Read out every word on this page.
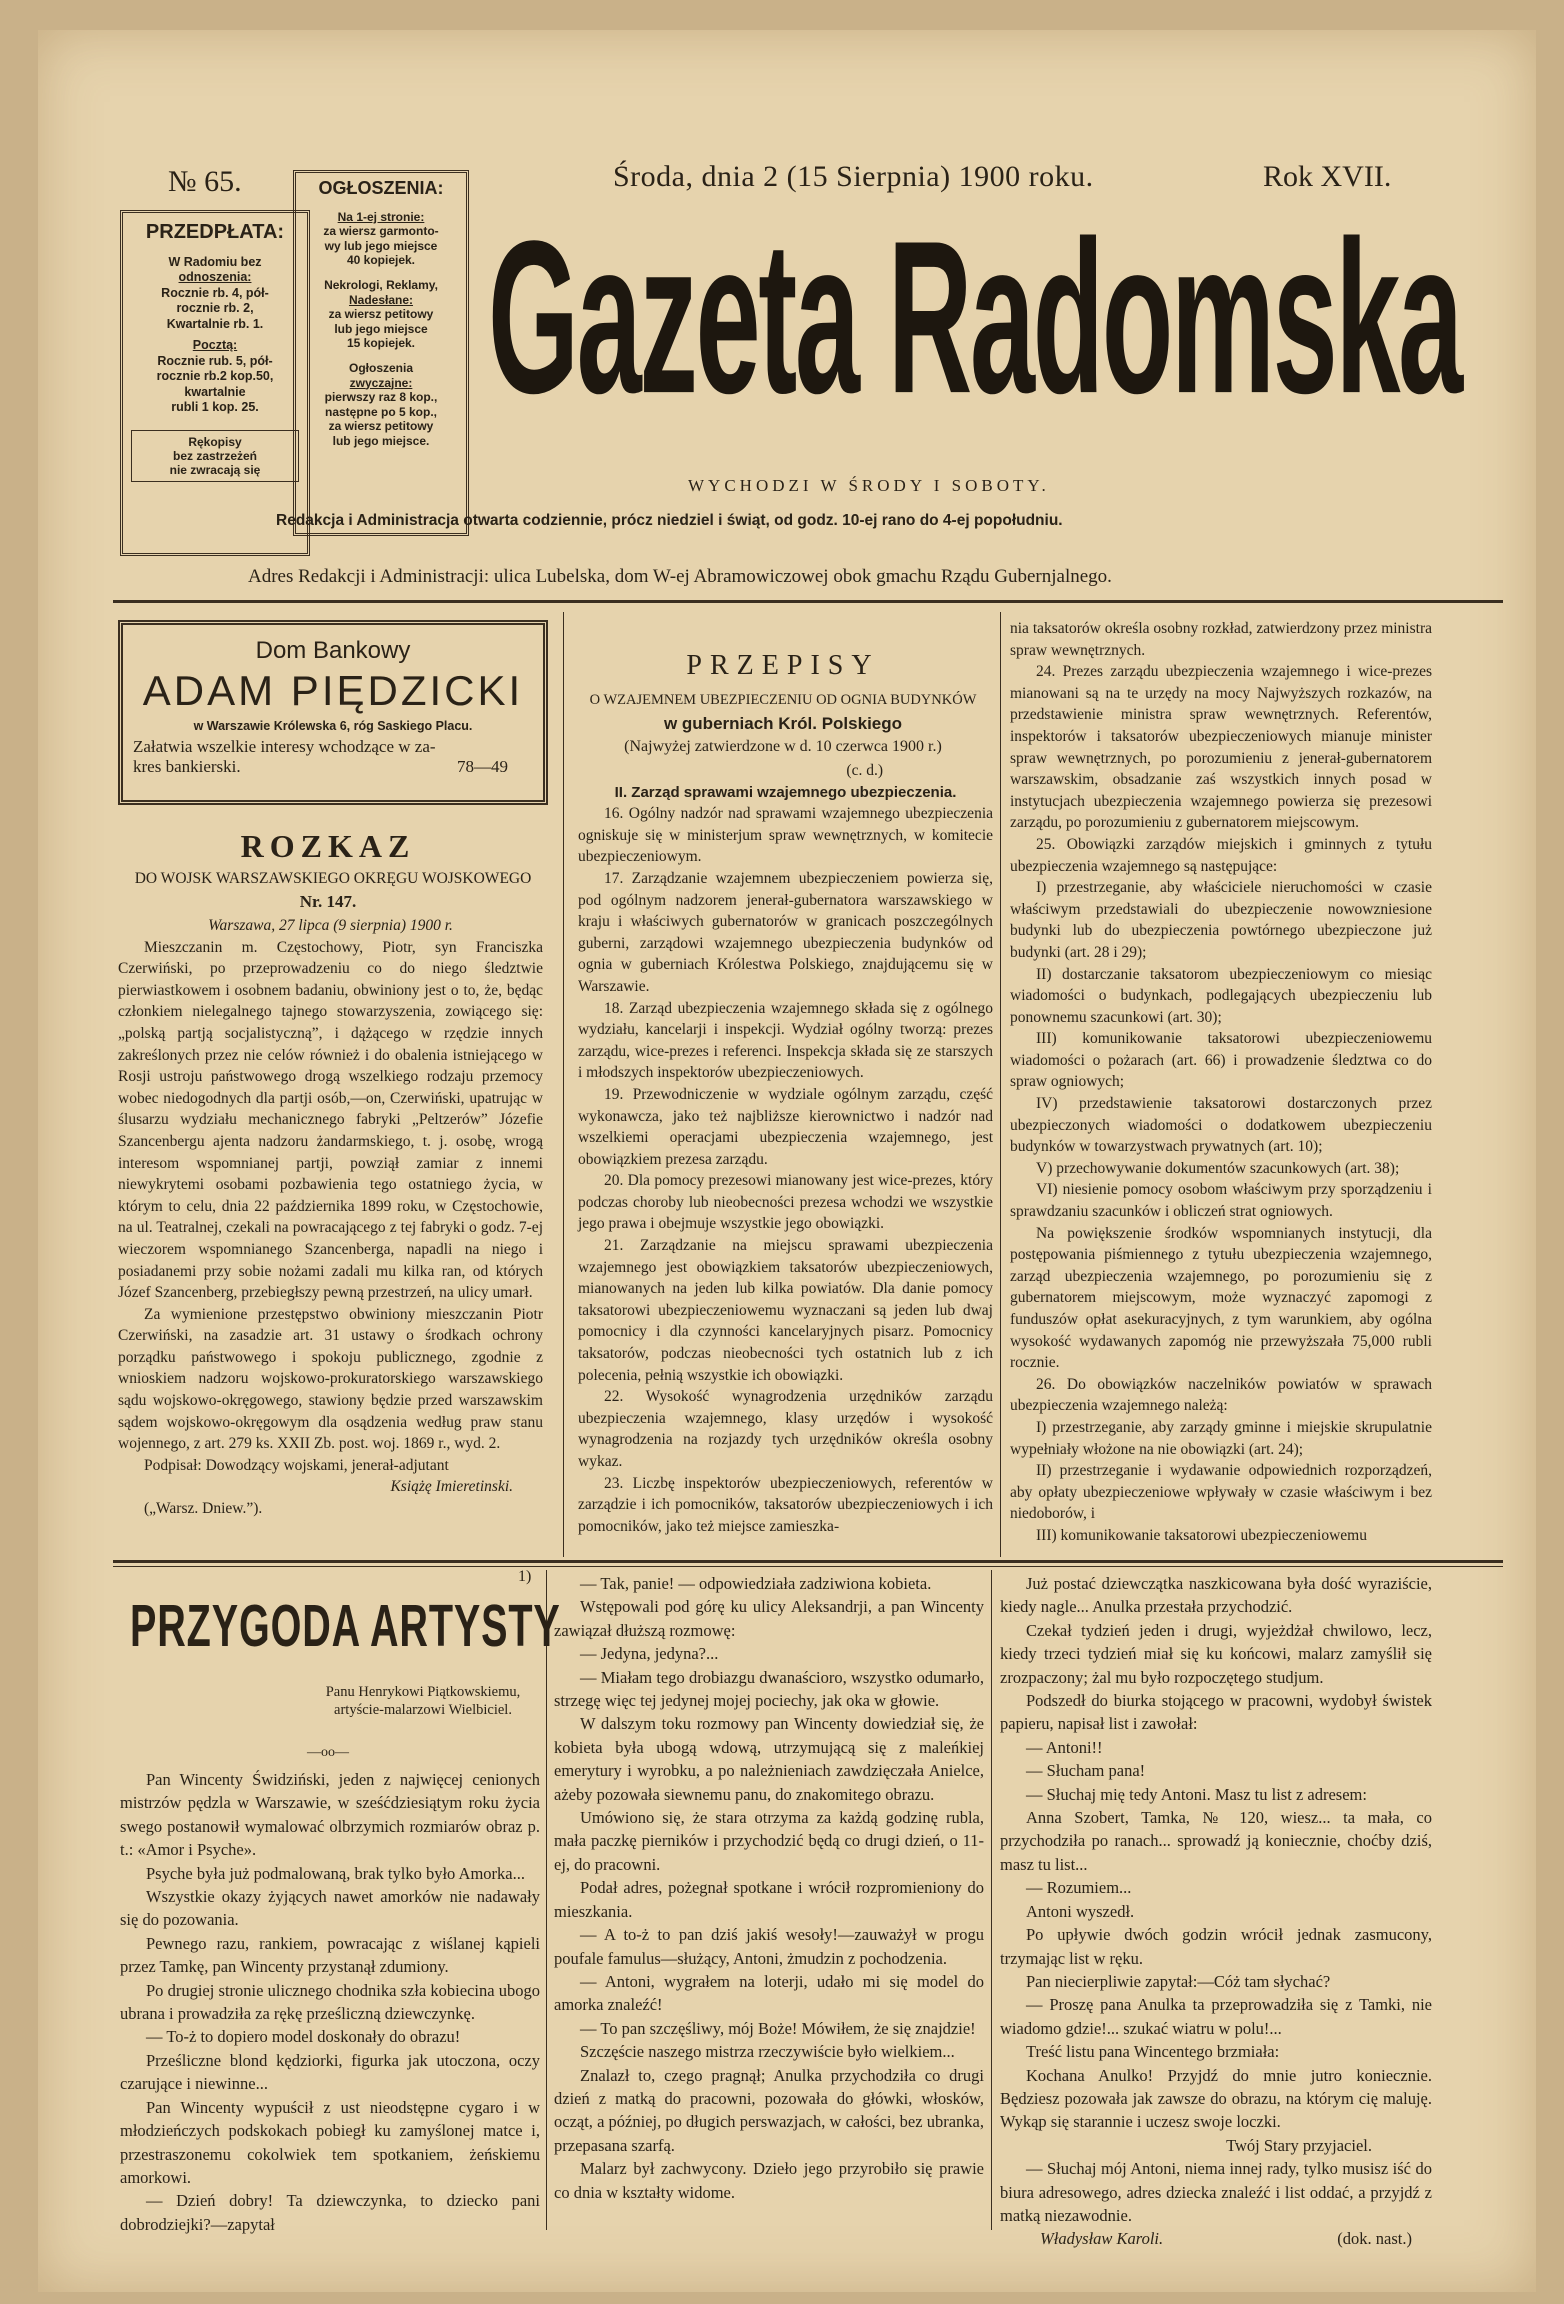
№ 65.	Środa, dnia 2 (15 Sierpnia) 1900 roku.	Rok XVII.
PRZEDPŁATA:
W Radomiu bez
odnoszenia:
Rocznie rb. 4, pół-
rocznie rb. 2,
Kwartalnie rb. 1.
Pocztą:
Rocznie rub. 5, pół-
rocznie rb.2 kop.50,
kwartalnie
rubli 1 kop. 25.
Rękopisy
bez zastrzeżeń
nie zwracają się
OGŁOSZENIA:
Na 1-ej stronie:
za wiersz garmonto-
wy lub jego miejsce
40 kopiejek.
Nekrologi, Reklamy,
Nadesłane:
za wiersz petitowy
lub jego miejsce
15 kopiejek.
Ogłoszenia
zwyczajne:
pierwszy raz 8 kop.,
następne po 5 kop.,
za wiersz petitowy
lub jego miejsce.
Gazeta Radomska
WYCHODZI W ŚRODY I SOBOTY.
Redakcja i Administracja otwarta codziennie, prócz niedziel i świąt, od godz. 10-ej rano do 4-ej popołudniu.
Adres Redakcji i Administracji: ulica Lubelska, dom W-ej Abramowiczowej obok gmachu Rządu Gubernjalnego.
Dom Bankowy
ADAM PIĘDZICKI
w Warszawie Królewska 6, róg Saskiego Placu.
Załatwia wszelkie interesy wchodzące w za-
kres bankierski.	78—49
ROZKAZ
DO WOJSK WARSZAWSKIEGO OKRĘGU WOJSKOWEGO
Nr. 147.

Warszawa, 27 lipca (9 sierpnia) 1900 r.

Mieszczanin m. Częstochowy, Piotr, syn Franciszka Czerwiński, po przeprowadzeniu co do niego śledztwie pierwiastkowem i osobnem badaniu, obwiniony jest o to, że, będąc członkiem nielegalnego tajnego stowarzyszenia, zowiącego się: „polską partją socjalistyczną”, i dążącego w rzędzie innych zakreślonych przez nie celów również i do obalenia istniejącego w Rosji ustroju państwowego drogą wszelkiego rodzaju przemocy wobec niedogodnych dla partji osób,—on, Czerwiński, upatrując w ślusarzu wydziału mechanicznego fabryki „Peltzerów” Józefie Szancenbergu ajenta nadzoru żandarmskiego, t. j. osobę, wrogą interesom wspomnianej partji, powziął zamiar z innemi niewykrytemi osobami pozbawienia tego ostatniego życia, w którym to celu, dnia 22 października 1899 roku, w Częstochowie, na ul. Teatralnej, czekali na powracającego z tej fabryki o godz. 7-ej wieczorem wspomnianego Szancenberga, napadli na niego i posiadanemi przy sobie nożami zadali mu kilka ran, od których Józef Szancenberg, przebiegłszy pewną przestrzeń, na ulicy umarł.

Za wymienione przestępstwo obwiniony mieszczanin Piotr Czerwiński, na zasadzie art. 31 ustawy o środkach ochrony porządku państwowego i spokoju publicznego, zgodnie z wnioskiem nadzoru wojskowo-prokuratorskiego warszawskiego sądu wojskowo-okręgowego, stawiony będzie przed warszawskim sądem wojskowo-okręgowym dla osądzenia według praw stanu wojennego, z art. 279 ks. XXII Zb. post. woj. 1869 r., wyd. 2.

Podpisał: Dowodzący wojskami, jenerał-adjutant

Książę Imieretinski.

(„Warsz. Dniew.”).

PRZEPISY
O WZAJEMNEM UBEZPIECZENIU OD OGNIA BUDYNKÓW
w guberniach Król. Polskiego
(Najwyżej zatwierdzone w d. 10 czerwca 1900 r.)

(c. d.)

II. Zarząd sprawami wzajemnego ubezpieczenia.

16. Ogólny nadzór nad sprawami wzajemnego ubezpieczenia ogniskuje się w ministerjum spraw wewnętrznych, w komitecie ubezpieczeniowym.

17. Zarządzanie wzajemnem ubezpieczeniem powierza się, pod ogólnym nadzorem jenerał-gubernatora warszawskiego w kraju i właściwych gubernatorów w granicach poszczególnych guberni, zarządowi wzajemnego ubezpieczenia budynków od ognia w guberniach Królestwa Polskiego, znajdującemu się w Warszawie.

18. Zarząd ubezpieczenia wzajemnego składa się z ogólnego wydziału, kancelarji i inspekcji. Wydział ogólny tworzą: prezes zarządu, wice-prezes i referenci. Inspekcja składa się ze starszych i młodszych inspektorów ubezpieczeniowych.

19. Przewodniczenie w wydziale ogólnym zarządu, część wykonawcza, jako też najbliższe kierownictwo i nadzór nad wszelkiemi operacjami ubezpieczenia wzajemnego, jest obowiązkiem prezesa zarządu.

20. Dla pomocy prezesowi mianowany jest wice-prezes, który podczas choroby lub nieobecności prezesa wchodzi we wszystkie jego prawa i obejmuje wszystkie jego obowiązki.

21. Zarządzanie na miejscu sprawami ubezpieczenia wzajemnego jest obowiązkiem taksatorów ubezpieczeniowych, mianowanych na jeden lub kilka powiatów. Dla danie pomocy taksatorowi ubezpieczeniowemu wyznaczani są jeden lub dwaj pomocnicy i dla czynności kancelaryjnych pisarz. Pomocnicy taksatorów, podczas nieobecności tych ostatnich lub z ich polecenia, pełnią wszystkie ich obowiązki.

22. Wysokość wynagrodzenia urzędników zarządu ubezpieczenia wzajemnego, klasy urzędów i wysokość wynagrodzenia na rozjazdy tych urzędników określa osobny wykaz.

23. Liczbę inspektorów ubezpieczeniowych, referentów w zarządzie i ich pomocników, taksatorów ubezpieczeniowych i ich pomocników, jako też miejsce zamieszka-

nia taksatorów określa osobny rozkład, zatwierdzony przez ministra spraw wewnętrznych.

24. Prezes zarządu ubezpieczenia wzajemnego i wice-prezes mianowani są na te urzędy na mocy Najwyższych rozkazów, na przedstawienie ministra spraw wewnętrznych. Referentów, inspektorów i taksatorów ubezpieczeniowych mianuje minister spraw wewnętrznych, po porozumieniu z jenerał-gubernatorem warszawskim, obsadzanie zaś wszystkich innych posad w instytucjach ubezpieczenia wzajemnego powierza się prezesowi zarządu, po porozumieniu z gubernatorem miejscowym.

25. Obowiązki zarządów miejskich i gminnych z tytułu ubezpieczenia wzajemnego są następujące:

I) przestrzeganie, aby właściciele nieruchomości w czasie właściwym przedstawiali do ubezpieczenie nowowzniesione budynki lub do ubezpieczenia powtórnego ubezpieczone już budynki (art. 28 i 29);

II) dostarczanie taksatorom ubezpieczeniowym co miesiąc wiadomości o budynkach, podlegających ubezpieczeniu lub ponownemu szacunkowi (art. 30);

III) komunikowanie taksatorowi ubezpieczeniowemu wiadomości o pożarach (art. 66) i prowadzenie śledztwa co do spraw ogniowych;

IV) przedstawienie taksatorowi dostarczonych przez ubezpieczonych wiadomości o dodatkowem ubezpieczeniu budynków w towarzystwach prywatnych (art. 10);

V) przechowywanie dokumentów szacunkowych (art. 38);

VI) niesienie pomocy osobom właściwym przy sporządzeniu i sprawdzaniu szacunków i obliczeń strat ogniowych.

Na powiększenie środków wspomnianych instytucji, dla postępowania piśmiennego z tytułu ubezpieczenia wzajemnego, zarząd ubezpieczenia wzajemnego, po porozumieniu się z gubernatorem miejscowym, może wyznaczyć zapomogi z funduszów opłat asekuracyjnych, z tym warunkiem, aby ogólna wysokość wydawanych zapomóg nie przewyższała 75,000 rubli rocznie.

26. Do obowiązków naczelników powiatów w sprawach ubezpieczenia wzajemnego należą:

I) przestrzeganie, aby zarządy gminne i miejskie skrupulatnie wypełniały włożone na nie obowiązki (art. 24);

II) przestrzeganie i wydawanie odpowiednich rozporządzeń, aby opłaty ubezpieczeniowe wpływały w czasie właściwym i bez niedoborów, i

III) komunikowanie taksatorowi ubezpieczeniowemu

1)
PRZYGODA ARTYSTY
Panu Henrykowi Piątkowskiemu, artyście-malarzowi Wielbiciel.
—oo—

Pan Wincenty Świdziński, jeden z najwięcej cenionych mistrzów pędzla w Warszawie, w sześćdziesiątym roku życia swego postanowił wymalować olbrzymich rozmiarów obraz p. t.: «Amor i Psyche».

Psyche była już podmalowaną, brak tylko było Amorka...

Wszystkie okazy żyjących nawet amorków nie nadawały się do pozowania.

Pewnego razu, rankiem, powracając z wiślanej kąpieli przez Tamkę, pan Wincenty przystanął zdumiony.

Po drugiej stronie ulicznego chodnika szła kobiecina ubogo ubrana i prowadziła za rękę prześliczną dziewczynkę.

— To-ż to dopiero model doskonały do obrazu!

Prześliczne blond kędziorki, figurka jak utoczona, oczy czarujące i niewinne...

Pan Wincenty wypuścił z ust nieodstępne cygaro i w młodzieńczych podskokach pobiegł ku zamyślonej matce i, przestraszonemu cokolwiek tem spotkaniem, żeńskiemu amorkowi.

— Dzień dobry! Ta dziewczynka, to dziecko pani dobrodziejki?—zapytał

— Tak, panie! — odpowiedziała zadziwiona kobieta.

Wstępowali pod górę ku ulicy Aleksandrji, a pan Wincenty zawiązał dłuższą rozmowę:

— Jedyna, jedyna?...

— Miałam tego drobiazgu dwanaścioro, wszystko odumarło, strzegę więc tej jedynej mojej pociechy, jak oka w głowie.

W dalszym toku rozmowy pan Wincenty dowiedział się, że kobieta była ubogą wdową, utrzymującą się z maleńkiej emerytury i wyrobku, a po należnieniach zawdzięczała Anielce, ażeby pozowała siewnemu panu, do znakomitego obrazu.

Umówiono się, że stara otrzyma za każdą godzinę rubla, mała paczkę pierników i przychodzić będą co drugi dzień, o 11-ej, do pracowni.

Podał adres, pożegnał spotkane i wrócił rozpromieniony do mieszkania.

— A to-ż to pan dziś jakiś wesoły!—zauważył w progu poufale famulus—służący, Antoni, żmudzin z pochodzenia.

— Antoni, wygrałem na loterji, udało mi się model do amorka znaleźć!

— To pan szczęśliwy, mój Boże! Mówiłem, że się znajdzie!

Szczęście naszego mistrza rzeczywiście było wielkiem...

Znalazł to, czego pragnął; Anulka przychodziła co drugi dzień z matką do pracowni, pozowała do główki, włosków, ocząt, a później, po długich perswazjach, w całości, bez ubranka, przepasana szarfą.

Malarz był zachwycony. Dzieło jego przyrobiło się prawie co dnia w kształty widome.

Już postać dziewczątka naszkicowana była dość wyraziście, kiedy nagle... Anulka przestała przychodzić.

Czekał tydzień jeden i drugi, wyjeżdżał chwilowo, lecz, kiedy trzeci tydzień miał się ku końcowi, malarz zamyślił się zrozpaczony; żal mu było rozpoczętego studjum.

Podszedł do biurka stojącego w pracowni, wydobył świstek papieru, napisał list i zawołał:

— Antoni!!

— Słucham pana!

— Słuchaj mię tedy Antoni. Masz tu list z adresem:

Anna Szobert, Tamka, № 120, wiesz... ta mała, co przychodziła po ranach... sprowadź ją koniecznie, choćby dziś, masz tu list...

— Rozumiem...

Antoni wyszedł.

Po upływie dwóch godzin wrócił jednak zasmucony, trzymając list w ręku.

Pan niecierpliwie zapytał:—Cóż tam słychać?

— Proszę pana Anulka ta przeprowadziła się z Tamki, nie wiadomo gdzie!... szukać wiatru w polu!...

Treść listu pana Wincentego brzmiała:

Kochana Anulko! Przyjdź do mnie jutro koniecznie. Będziesz pozowała jak zawsze do obrazu, na którym cię maluję. Wykąp się starannie i uczesz swoje loczki.

Twój Stary przyjaciel.

— Słuchaj mój Antoni, niema innej rady, tylko musisz iść do biura adresowego, adres dziecka znaleźć i list oddać, a przyjdź z matką niezawodnie.

Władysław Karoli.	(dok. nast.)
